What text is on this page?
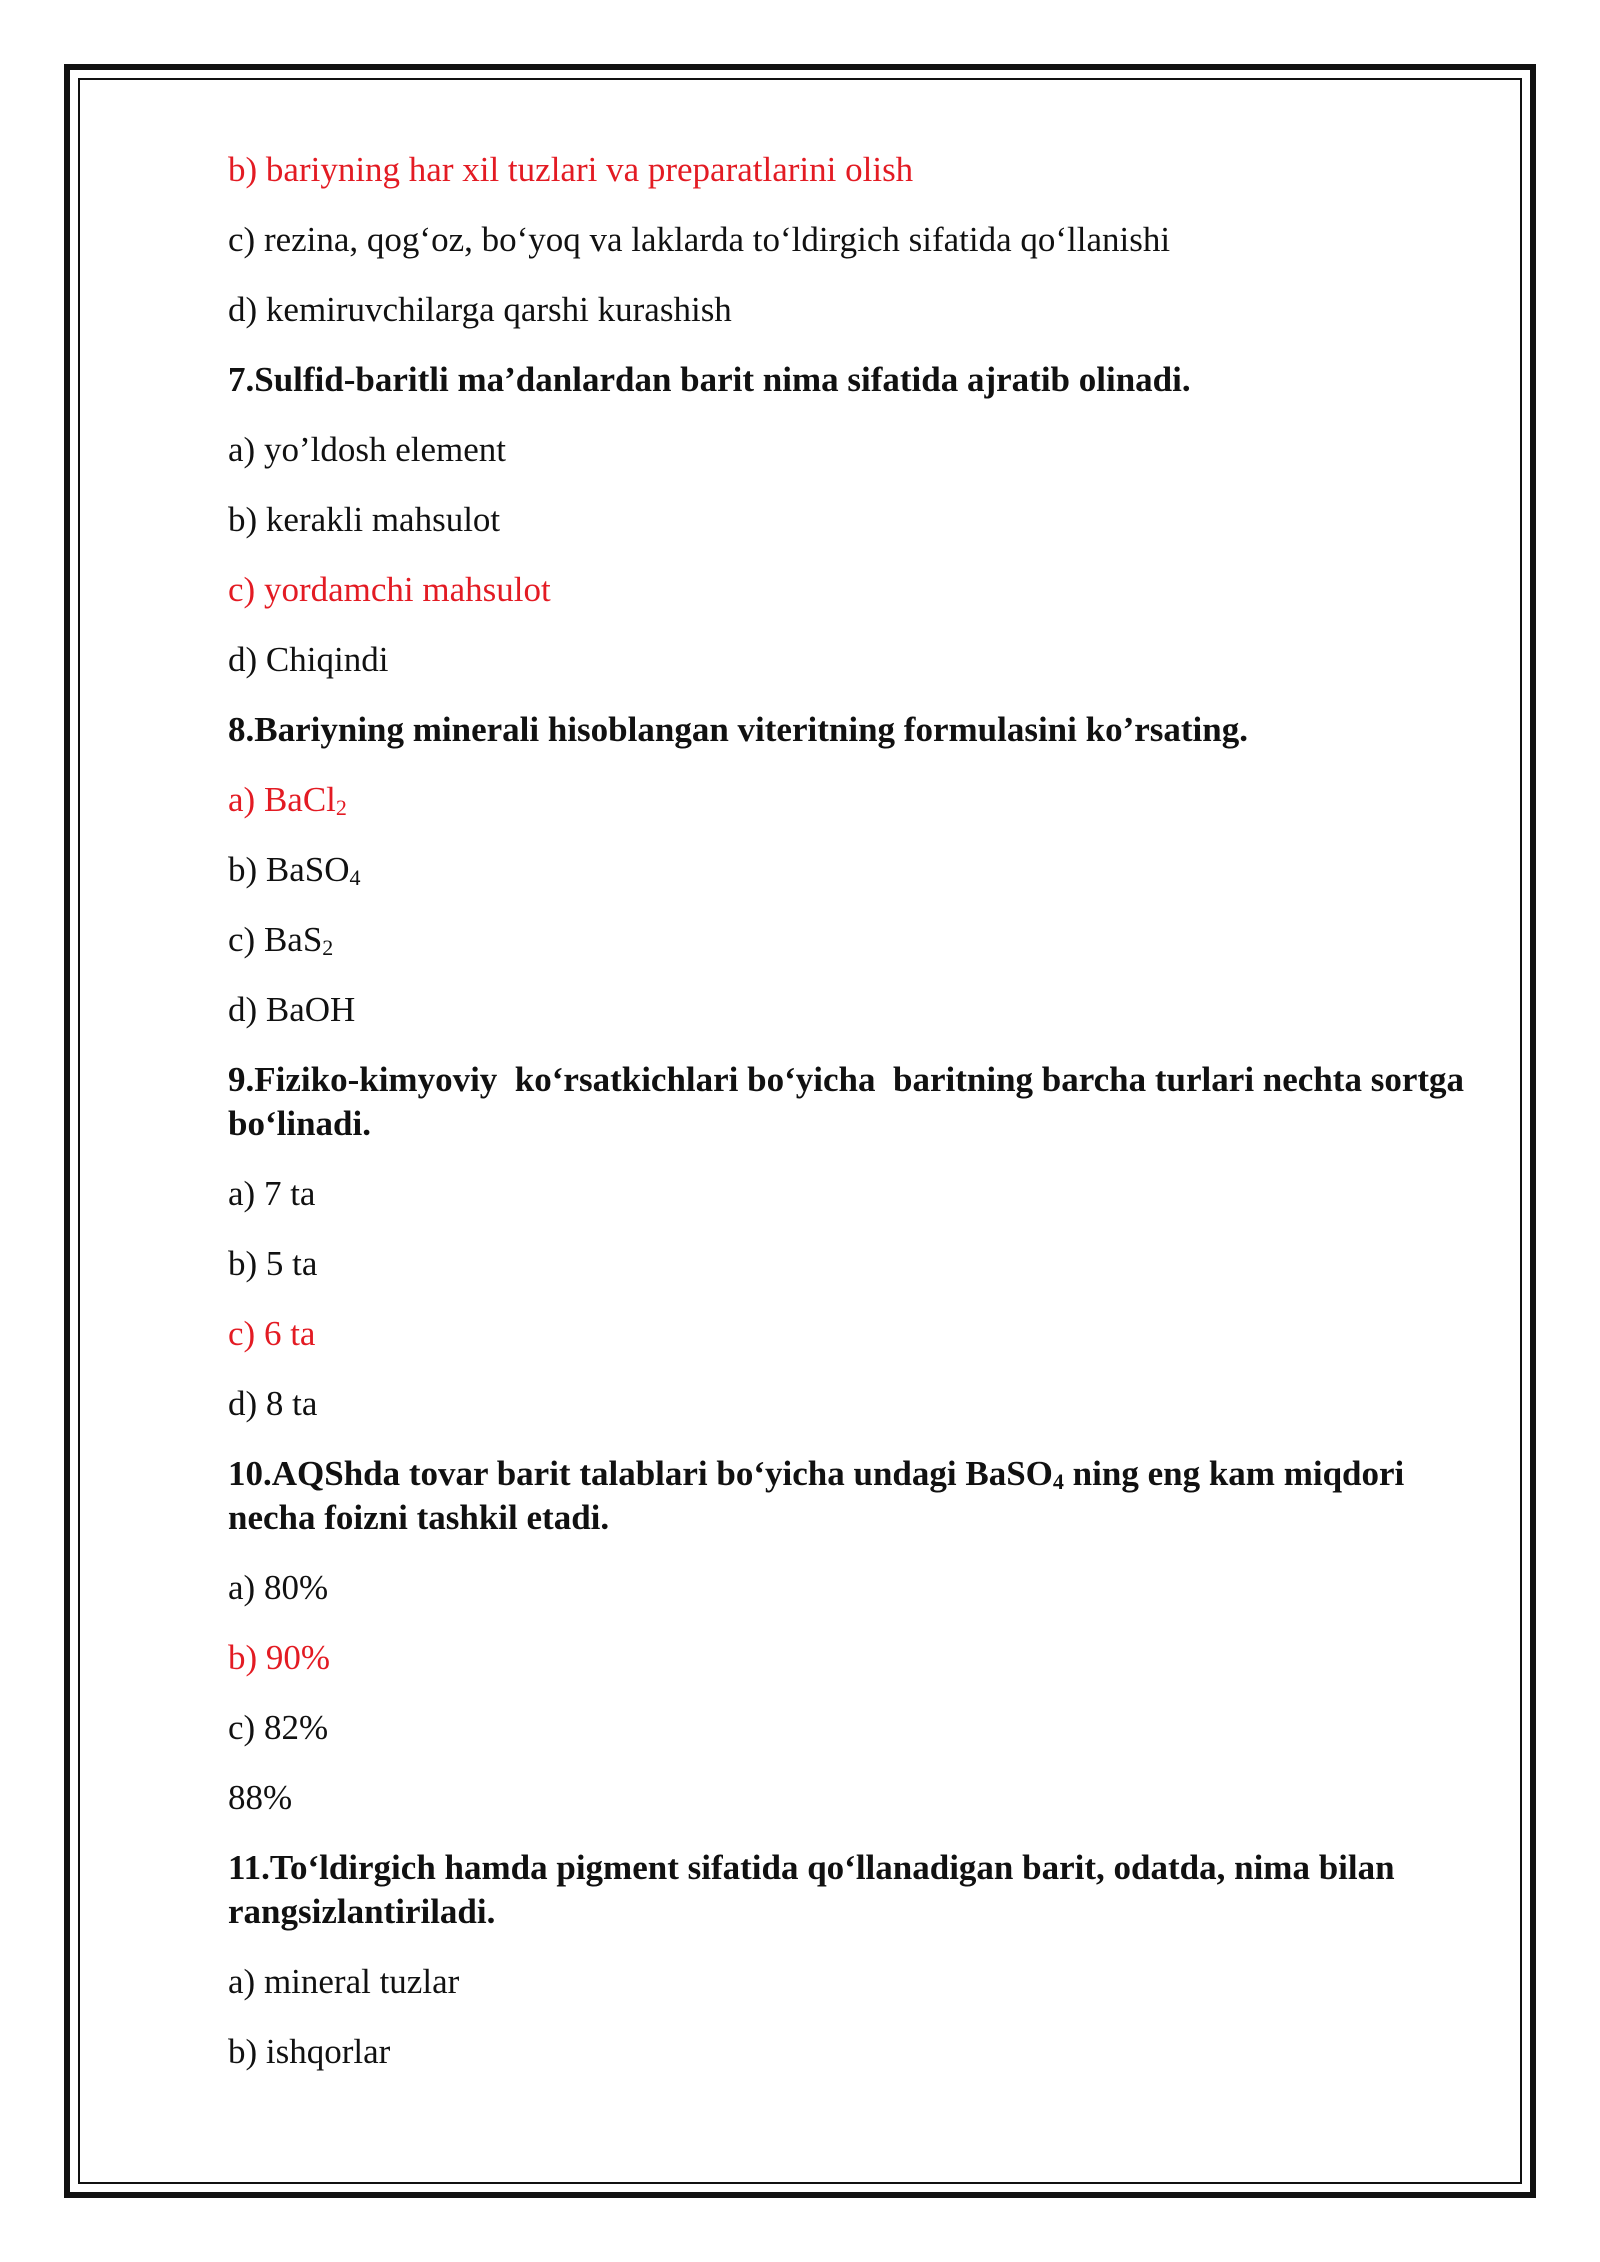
b) bariyning har xil tuzlari va preparatlarini olish

c) rezina, qog‘oz, bo‘yoq va laklarda to‘ldirgich sifatida qo‘llanishi

d) kemiruvchilarga qarshi kurashish

7.Sulfid-baritli ma’danlardan barit nima sifatida ajratib olinadi.

a) yo’ldosh element

b) kerakli mahsulot

c) yordamchi mahsulot

d) Chiqindi

8.Bariyning minerali hisoblangan viteritning formulasini ko’rsating.

a) BaCl$_2$

b) BaSO$_4$

c) BaS$_2$

d) BaOH

9.Fiziko-kimyoviy  ko‘rsatkichlari bo‘yicha  baritning barcha turlari nechta sortga bo‘linadi.

a) 7 ta

b) 5 ta

c) 6 ta

d) 8 ta

10.AQShda tovar barit talablari bo‘yicha undagi BaSO$_4$ ning eng kam miqdori necha foizni tashkil etadi.

a) 80%

b) 90%

c) 82%

88%

11.To‘ldirgich hamda pigment sifatida qo‘llanadigan barit, odatda, nima bilan rangsizlantiriladi.

a) mineral tuzlar

b) ishqorlar
